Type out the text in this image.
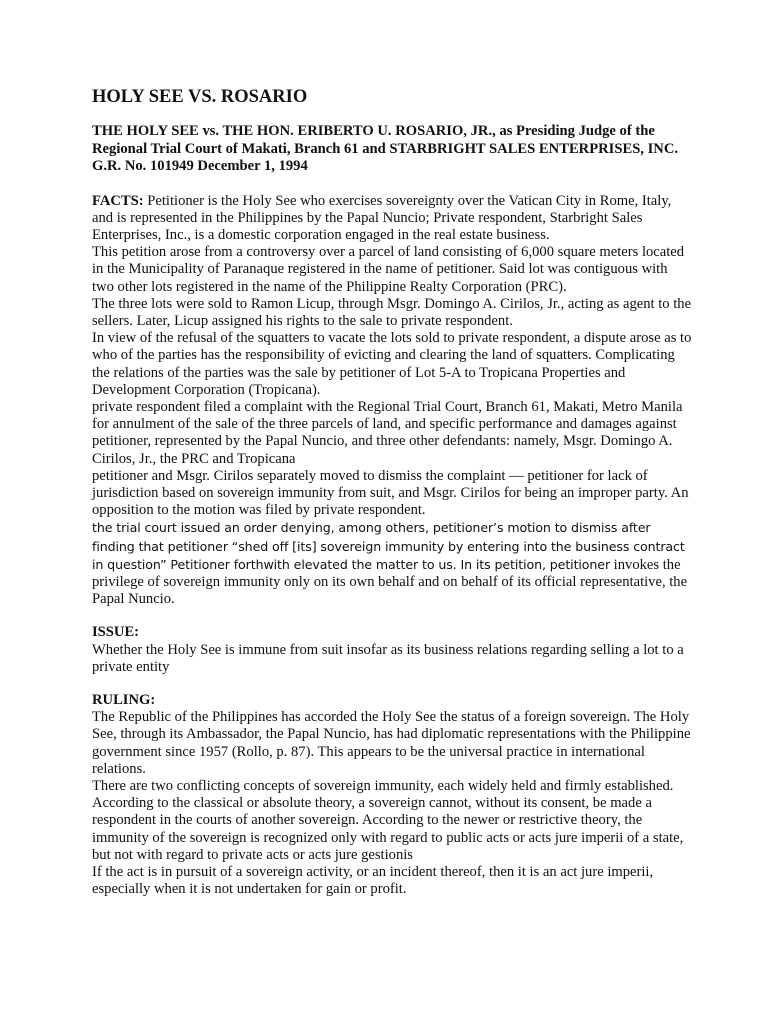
HOLY SEE VS. ROSARIO
THE HOLY SEE vs. THE HON. ERIBERTO U. ROSARIO, JR., as Presiding Judge of the Regional Trial Court of Makati, Branch 61 and STARBRIGHT SALES ENTERPRISES, INC.
G.R. No. 101949 December 1, 1994

FACTS: Petitioner is the Holy See who exercises sovereignty over the Vatican City in Rome, Italy, and is represented in the Philippines by the Papal Nuncio; Private respondent, Starbright Sales Enterprises, Inc., is a domestic corporation engaged in the real estate business.

This petition arose from a controversy over a parcel of land consisting of 6,000 square meters located in the Municipality of Paranaque registered in the name of petitioner. Said lot was contiguous with two other lots registered in the name of the Philippine Realty Corporation (PRC).

The three lots were sold to Ramon Licup, through Msgr. Domingo A. Cirilos, Jr., acting as agent to the sellers. Later, Licup assigned his rights to the sale to private respondent.

In view of the refusal of the squatters to vacate the lots sold to private respondent, a dispute arose as to who of the parties has the responsibility of evicting and clearing the land of squatters. Complicating the relations of the parties was the sale by petitioner of Lot 5-A to Tropicana Properties and Development Corporation (Tropicana).

private respondent filed a complaint with the Regional Trial Court, Branch 61, Makati, Metro Manila for annulment of the sale of the three parcels of land, and specific performance and damages against petitioner, represented by the Papal Nuncio, and three other defendants: namely, Msgr. Domingo A. Cirilos, Jr., the PRC and Tropicana

petitioner and Msgr. Cirilos separately moved to dismiss the complaint — petitioner for lack of jurisdiction based on sovereign immunity from suit, and Msgr. Cirilos for being an improper party. An opposition to the motion was filed by private respondent.

the trial court issued an order denying, among others, petitioner’s motion to dismiss after finding that petitioner “shed off [its] sovereign immunity by entering into the business contract in question” Petitioner forthwith elevated the matter to us. In its petition, petitioner invokes the privilege of sovereign immunity only on its own behalf and on behalf of its official representative, the Papal Nuncio.

ISSUE:

Whether the Holy See is immune from suit insofar as its business relations regarding selling a lot to a private entity

RULING:

The Republic of the Philippines has accorded the Holy See the status of a foreign sovereign. The Holy See, through its Ambassador, the Papal Nuncio, has had diplomatic representations with the Philippine government since 1957 (Rollo, p. 87). This appears to be the universal practice in international relations.

There are two conflicting concepts of sovereign immunity, each widely held and firmly established. According to the classical or absolute theory, a sovereign cannot, without its consent, be made a respondent in the courts of another sovereign. According to the newer or restrictive theory, the immunity of the sovereign is recognized only with regard to public acts or acts jure imperii of a state, but not with regard to private acts or acts jure gestionis

If the act is in pursuit of a sovereign activity, or an incident thereof, then it is an act jure imperii, especially when it is not undertaken for gain or profit.
